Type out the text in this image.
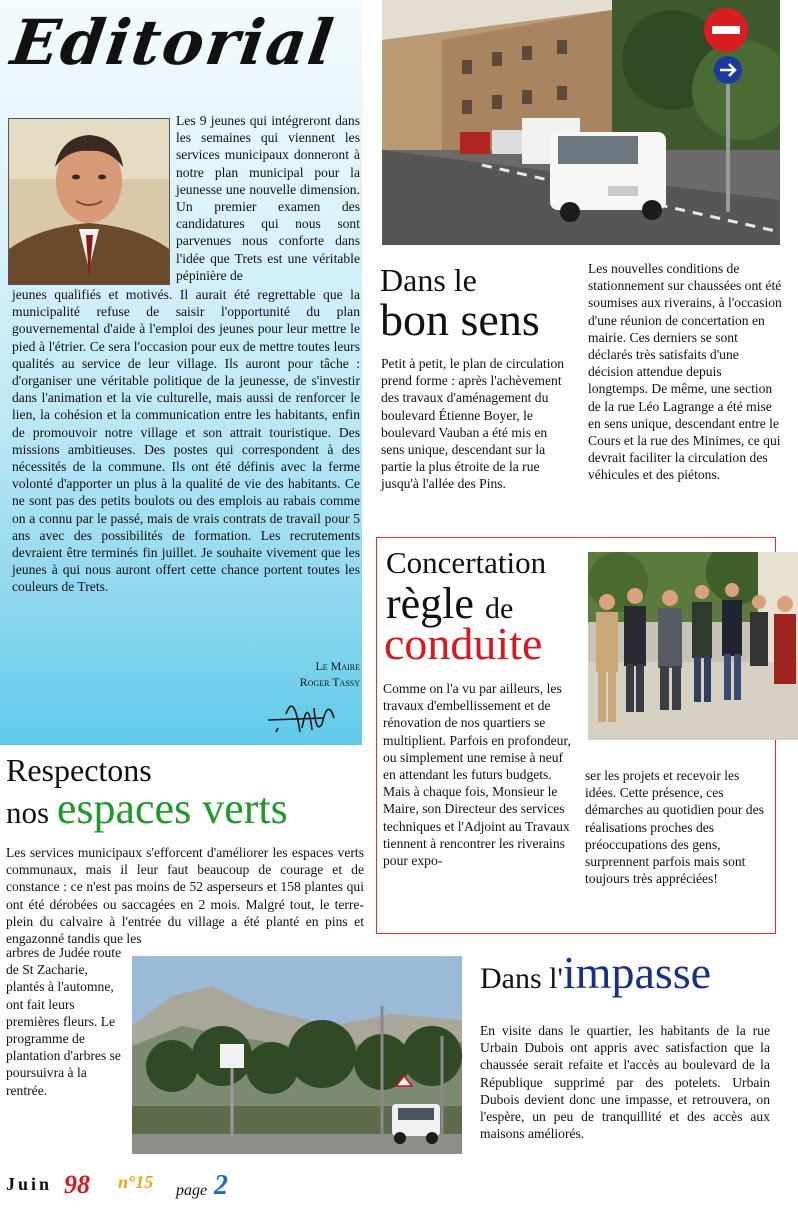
Editorial

Les 9 jeunes qui intégreront dans les semaines qui viennent les services municipaux donneront à notre plan municipal pour la jeunesse une nouvelle dimension. Un premier examen des candidatures qui nous sont parvenues nous conforte dans l'idée que Trets est une véritable pépinière de

jeunes qualifiés et motivés. Il aurait été regrettable que la municipalité refuse de saisir l'opportunité du plan gouvernemental d'aide à l'emploi des jeunes pour leur mettre le pied à l'étrier. Ce sera l'occasion pour eux de mettre toutes leurs qualités au service de leur village. Ils auront pour tâche : d'organiser une véritable politique de la jeunesse, de s'investir dans l'animation et la vie culturelle, mais aussi de renforcer le lien, la cohésion et la communication entre les habitants, enfin de promouvoir notre village et son attrait touristique. Des missions ambitieuses. Des postes qui correspondent à des nécessités de la commune. Ils ont été définis avec la ferme volonté d'apporter un plus à la qualité de vie des habitants. Ce ne sont pas des petits boulots ou des emplois au rabais comme on a connu par le passé, mais de vrais contrats de travail pour 5 ans avec des possibilités de formation. Les recrutements devraient être terminés fin juillet. Je souhaite vivement que les jeunes à qui nous auront offert cette chance portent toutes les couleurs de Trets.

Le Maire
Roger Tassy
Dans le
bon sens
Petit à petit, le plan de circulation prend forme : après l'achèvement des travaux d'aménagement du boulevard Étienne Boyer, le boulevard Vauban a été mis en sens unique, descendant sur la partie la plus étroite de la rue jusqu'à l'allée des Pins.
Les nouvelles conditions de stationnement sur chaussées ont été soumises aux riverains, à l'occasion d'une réunion de concertation en mairie. Ces derniers se sont déclarés très satisfaits d'une décision attendue depuis longtemps. De même, une section de la rue Léo Lagrange a été mise en sens unique, descendant entre le Cours et la rue des Minimes, ce qui devrait faciliter la circulation des véhicules et des piétons.
Concertation
règle de
conduite
Comme on l'a vu par ailleurs, les travaux d'embellissement et de rénovation de nos quartiers se multiplient. Parfois en profondeur, ou simplement une remise à neuf en attendant les futurs budgets. Mais à chaque fois, Monsieur le Maire, son Directeur des services techniques et l'Adjoint au Travaux tiennent à rencontrer les riverains pour expo-
ser les projets et recevoir les idées. Cette présence, ces démarches au quotidien pour des réalisations proches des préoccupations des gens, surprennent parfois mais sont toujours très appréciées!
Respectons
nos espaces verts
Les services municipaux s'efforcent d'améliorer les espaces verts communaux, mais il leur faut beaucoup de courage et de constance : ce n'est pas moins de 52 asperseurs et 158 plantes qui ont été dérobées ou saccagées en 2 mois. Malgré tout, le terre-plein du calvaire à l'entrée du village a été planté en pins et engazonné tandis que les
arbres de Judée route de St Zacharie, plantés à l'automne, ont fait leurs premières fleurs. Le programme de plantation d'arbres se poursuivra à la rentrée.
Dans l'impasse
En visite dans le quartier, les habitants de la rue Urbain Dubois ont appris avec satisfaction que la chaussée serait refaite et l'accès au boulevard de la République supprimé par des potelets. Urbain Dubois devient donc une impasse, et retrouvera, on l'espère, un peu de tranquillité et des accès aux maisons améliorés.
Juin 98 n°15 page 2
